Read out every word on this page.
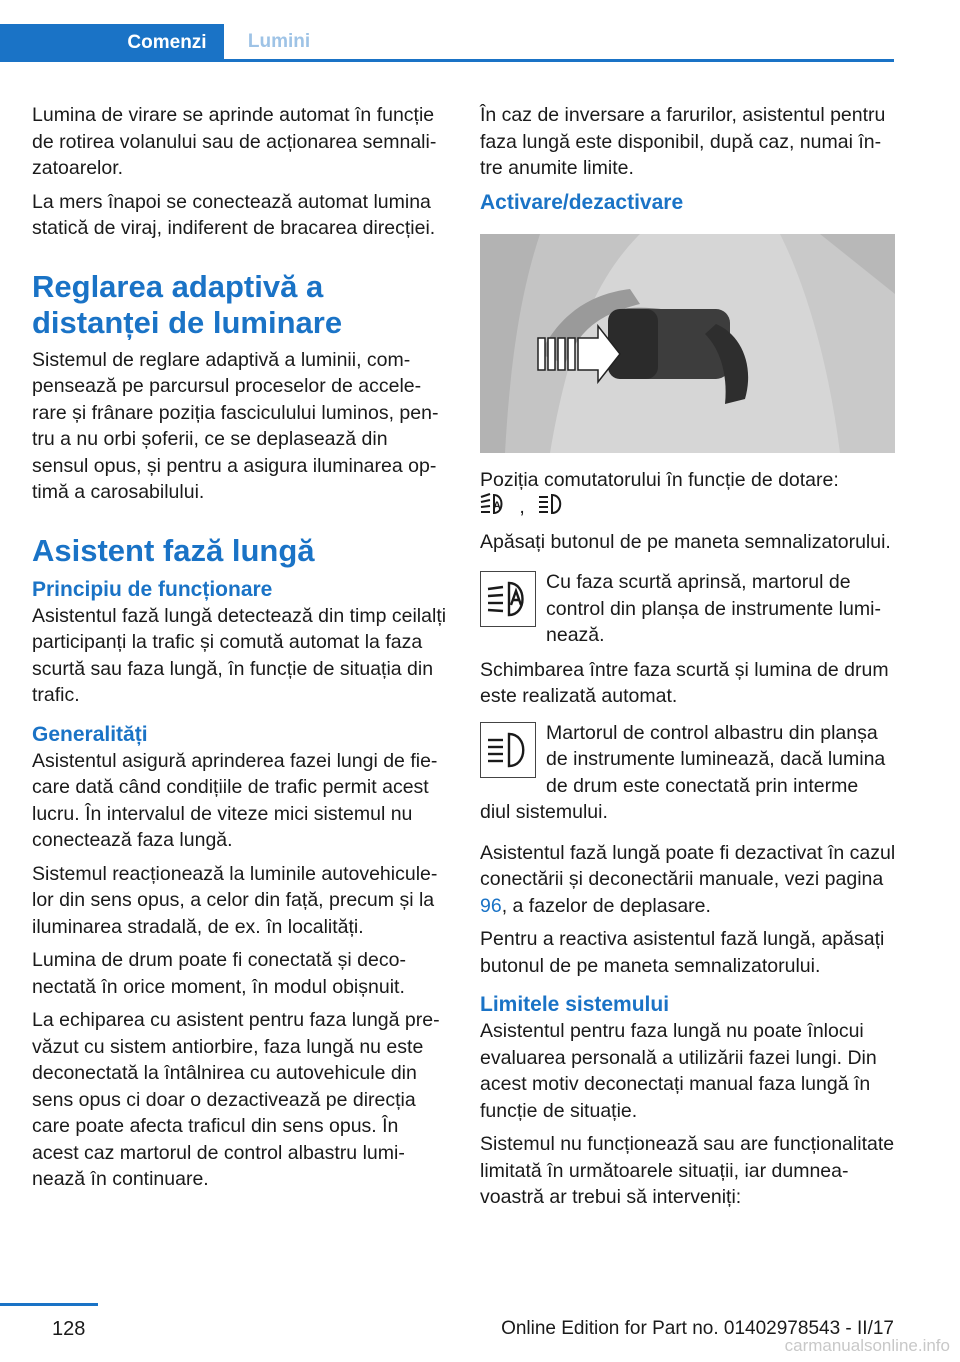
Comenzi	Lumini

Lumina de virare se aprinde automat în funcție de rotirea volanului sau de acționarea semnalizatoarelor.

La mers înapoi se conectează automat lumina statică de viraj, indiferent de bracarea direcției.

Reglarea adaptivă a distanței de luminare

Sistemul de reglare adaptivă a luminii, compensează pe parcursul proceselor de accelerare și frânare poziția fasciculului luminos, pentru a nu orbi șoferii, ce se deplasează din sensul opus, și pentru a asigura iluminarea optimă a carosabilului.

Asistent fază lungă
Principiu de funcționare

Asistentul fază lungă detectează din timp ceilalți participanți la trafic și comută automat la faza scurtă sau faza lungă, în funcție de situația din trafic.

Generalități

Asistentul asigură aprinderea fazei lungi de fiecare dată când condițiile de trafic permit acest lucru. În intervalul de viteze mici sistemul nu conectează faza lungă.

Sistemul reacționează la luminile autovehiculelor din sens opus, a celor din față, precum și la iluminarea stradală, de ex. în localități.

Lumina de drum poate fi conectată și deconectată în orice moment, în modul obișnuit.

La echiparea cu asistent pentru faza lungă prevăzut cu sistem antiorbire, faza lungă nu este deconectată la întâlnirea cu autovehicule din sens opus ci doar o dezactivează pe direcția care poate afecta traficul din sens opus. În acest caz martorul de control albastru luminează în continuare.

În caz de inversare a farurilor, asistentul pentru faza lungă este disponibil, după caz, numai între anumite limite.

Activare/dezactivare

Poziția comutatorului în funcție de dotare:

A ,

Apăsați butonul de pe maneta semnalizatorului.

Cu faza scurtă aprinsă, martorul de control din planșa de instrumente luminează.

Schimbarea între faza scurtă și lumina de drum este realizată automat.

Martorul de control albastru din planșa de instrumente luminează, dacă lumina de drum este conectată prin interme

diul sistemului.

Asistentul fază lungă poate fi dezactivat în cazul conectării și deconectării manuale, vezi pagina 96, a fazelor de deplasare.

Pentru a reactiva asistentul fază lungă, apăsați butonul de pe maneta semnalizatorului.

Limitele sistemului

Asistentul pentru faza lungă nu poate înlocui evaluarea personală a utilizării fazei lungi. Din acest motiv deconectați manual faza lungă în funcție de situație.

Sistemul nu funcționează sau are funcționalitate limitată în următoarele situații, iar dumneavoastră ar trebui să interveniți:

128	Online Edition for Part no. 01402978543 - II/17
carmanualsonline.info
